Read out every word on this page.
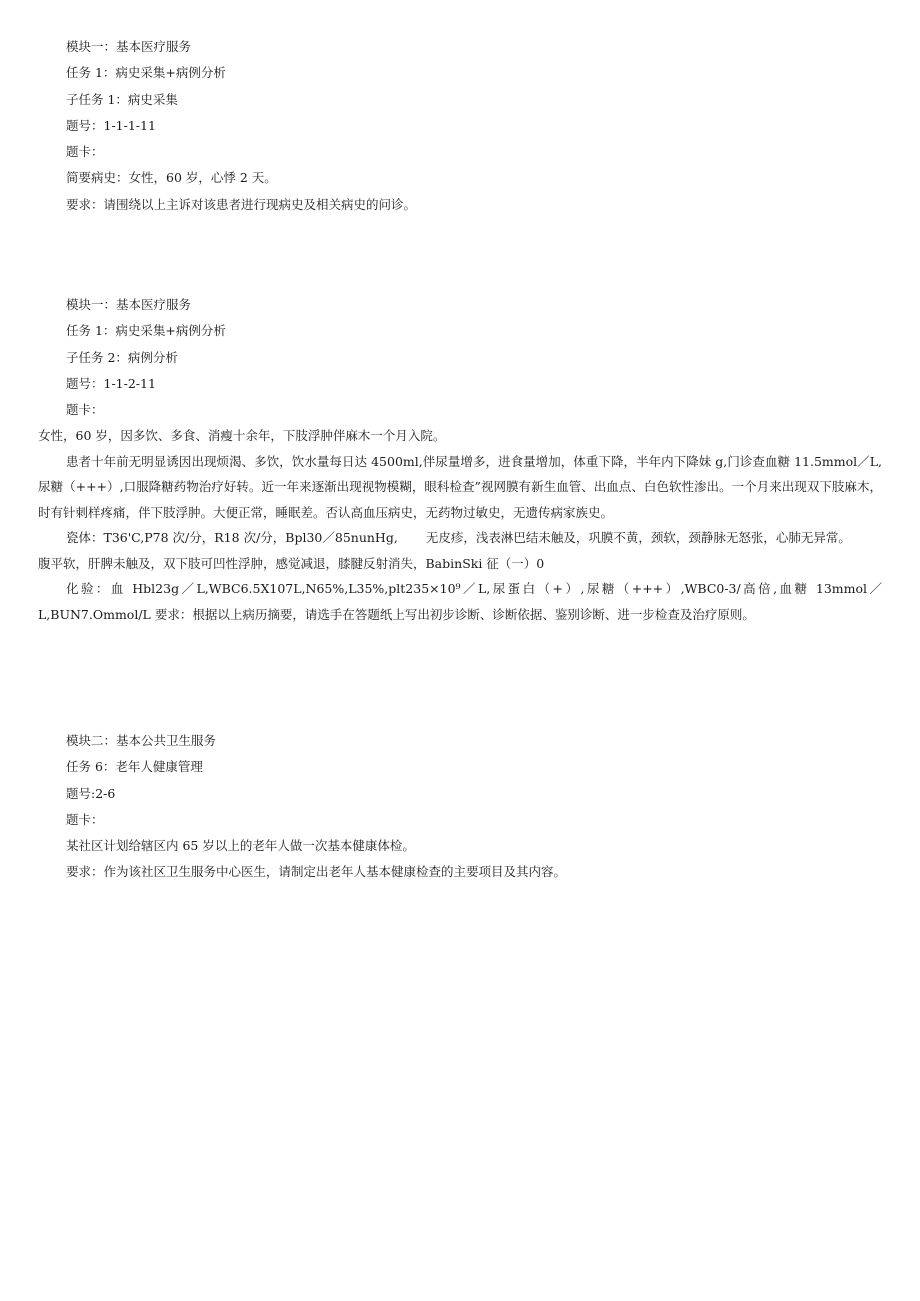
模块一：基本医疗服务
任务 1：病史采集+病例分析
子任务 1：病史采集
题号：1-1-1-11
题卡：
简要病史：女性，60 岁，心悸 2 天。
要求：请围绕以上主诉对该患者进行现病史及相关病史的问诊。
模块一：基本医疗服务
任务 1：病史采集+病例分析
子任务 2：病例分析
题号：1-1-2-11
题卡：
女性，60 岁，因多饮、多食、消瘦十余年，下肢浮肿伴麻木一个月入院。
患者十年前无明显诱因出现烦渴、多饮，饮水量每日达 4500ml,伴尿量增多，进食量增加，体重下降，半年内下降妹 g,门诊查血糖 11.5mmol／L,尿糖（+++）,口服降糖药物治疗好转。近一年来逐渐出现视物模糊，眼科检查”视网膜有新生血管、出血点、白色软性渗出。一个月来出现双下肢麻木，时有针刺样疼痛，伴下肢浮肿。大便正常，睡眠差。否认高血压病史，无药物过敏史，无遗传病家族史。
瓷体：T36'C,P78 次/分，R18 次/分，Bpl30／85nunHg, 无皮疹，浅表淋巴结未触及，巩膜不黄，颈软，颈静脉无怒张，心肺无异常。
腹平软，肝脾未触及，双下肢可凹性浮肿，感觉减退，膝腱反射消失，BabinSki 征（一）0
化验：血 Hbl23g／L,WBC6.5X107L,N65%,L35%,plt235×10⁹／L,尿蛋白（+）,尿糖（+++）,WBC0-3/高倍,血糖 13mmol／L,BUN7.Ommol/L 要求：根据以上病历摘要，请选手在答题纸上写出初步诊断、诊断依据、鉴别诊断、进一步检查及治疗原则。
模块二：基本公共卫生服务
任务 6：老年人健康管理
题号:2-6
题卡：
某社区计划给辖区内 65 岁以上的老年人做一次基本健康体检。
要求：作为该社区卫生服务中心医生，请制定出老年人基本健康检查的主要项目及其内容。
